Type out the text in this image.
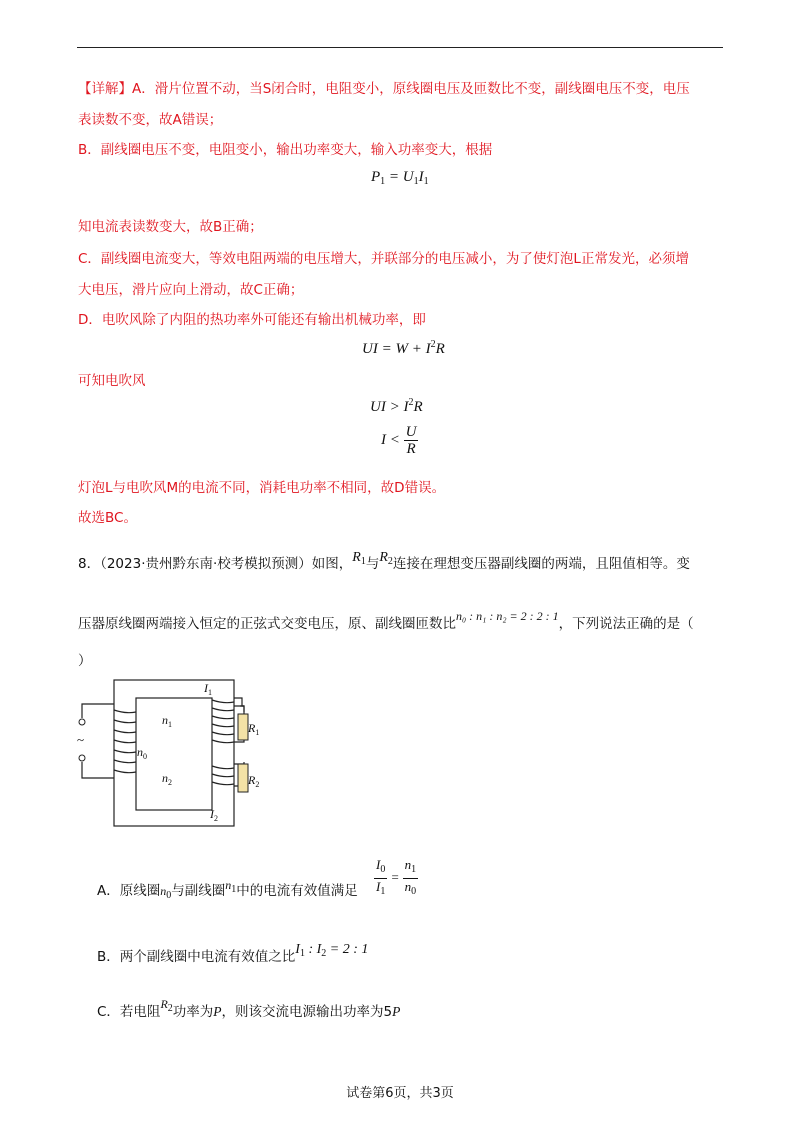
【详解】A．滑片位置不动，当S闭合时，电阻变小，原线圈电压及匝数比不变，副线圈电压不变，电压
表读数不变，故A错误；
B．副线圈电压不变，电阻变小，输出功率变大，输入功率变大，根据
$P_1 = U_1I_1$
知电流表读数变大，故B正确；
C．副线圈电流变大，等效电阻两端的电压增大，并联部分的电压减小，为了使灯泡L正常发光，必须增
大电压，滑片应向上滑动，故C正确；
D．电吹风除了内阻的热功率外可能还有输出机械功率，即
UI = $W + I^2R$
可知电吹风
UI > $I^2R$
$I < \frac{U}{R}$
灯泡L与电吹风M的电流不同，消耗电功率不相同，故D错误。
故选BC。
8．（2023·贵州黔东南·校考模拟预测）如图，$R_1$与$R_2$连接在理想变压器副线圈的两端，且阻值相等。变
压器原线圈两端接入恒定的正弦式交变电压，原、副线圈匝数比n₀ : n₁ : n₂ = 2 : 2 : 1，下列说法正确的是（
）
~
$I_1$
$R_1$
$n_1$
$n_0$
$n_2$	$R_2$
$I_2$
A．原线圈$n_0$与副线圈$n_1$中的电流有效值满足 $\frac{I_0}{I_1} = \frac{n_1}{n_0}$
B．两个副线圈中电流有效值之比$I_1$ : $I_2 = 2$ : 1
C．若电阻$R_2$功率为P，则该交流电源输出功率为5P
试卷第6页，共3页
